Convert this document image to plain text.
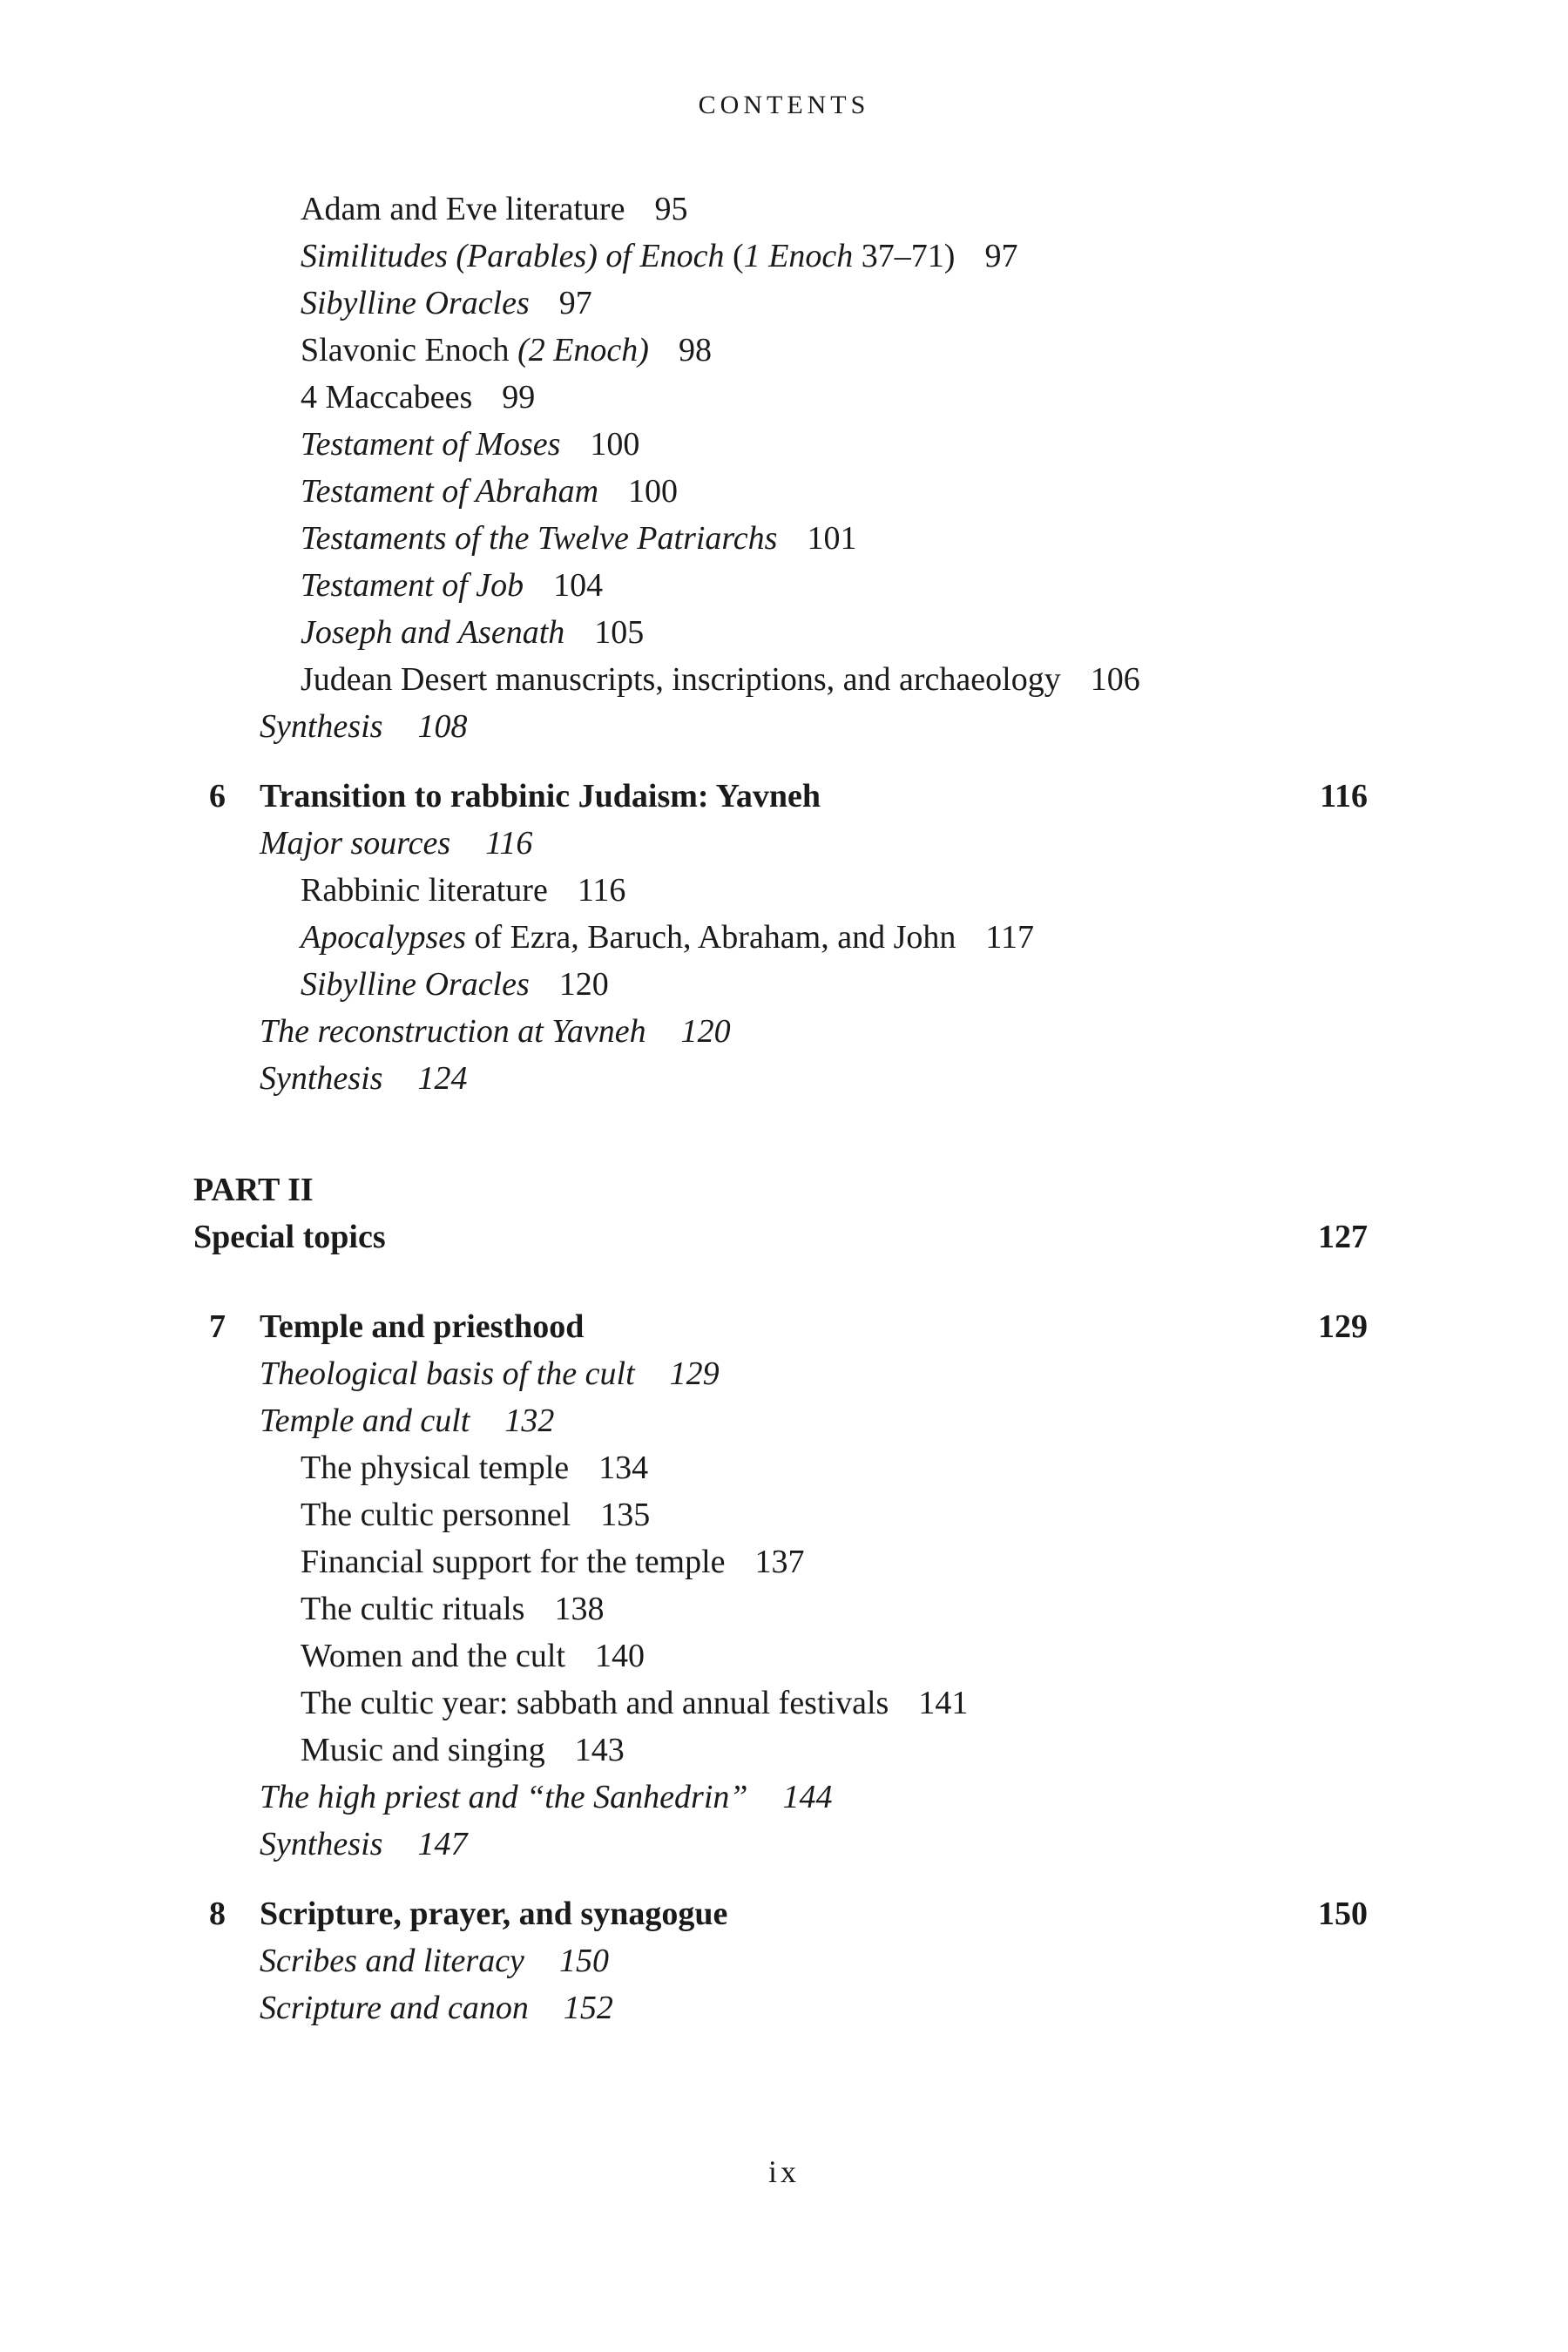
CONTENTS
Adam and Eve literature 95
Similitudes (Parables) of Enoch (1 Enoch 37–71) 97
Sibylline Oracles 97
Slavonic Enoch (2 Enoch) 98
4 Maccabees 99
Testament of Moses 100
Testament of Abraham 100
Testaments of the Twelve Patriarchs 101
Testament of Job 104
Joseph and Asenath 105
Judean Desert manuscripts, inscriptions, and archaeology 106
Synthesis 108
6 Transition to rabbinic Judaism: Yavneh	116
Major sources 116
Rabbinic literature 116
Apocalypses of Ezra, Baruch, Abraham, and John 117
Sibylline Oracles 120
The reconstruction at Yavneh 120
Synthesis 124
PART II
Special topics	127
7 Temple and priesthood	129
Theological basis of the cult 129
Temple and cult 132
The physical temple 134
The cultic personnel 135
Financial support for the temple 137
The cultic rituals 138
Women and the cult 140
The cultic year: sabbath and annual festivals 141
Music and singing 143
The high priest and “the Sanhedrin” 144
Synthesis 147
8 Scripture, prayer, and synagogue	150
Scribes and literacy 150
Scripture and canon 152
ix
